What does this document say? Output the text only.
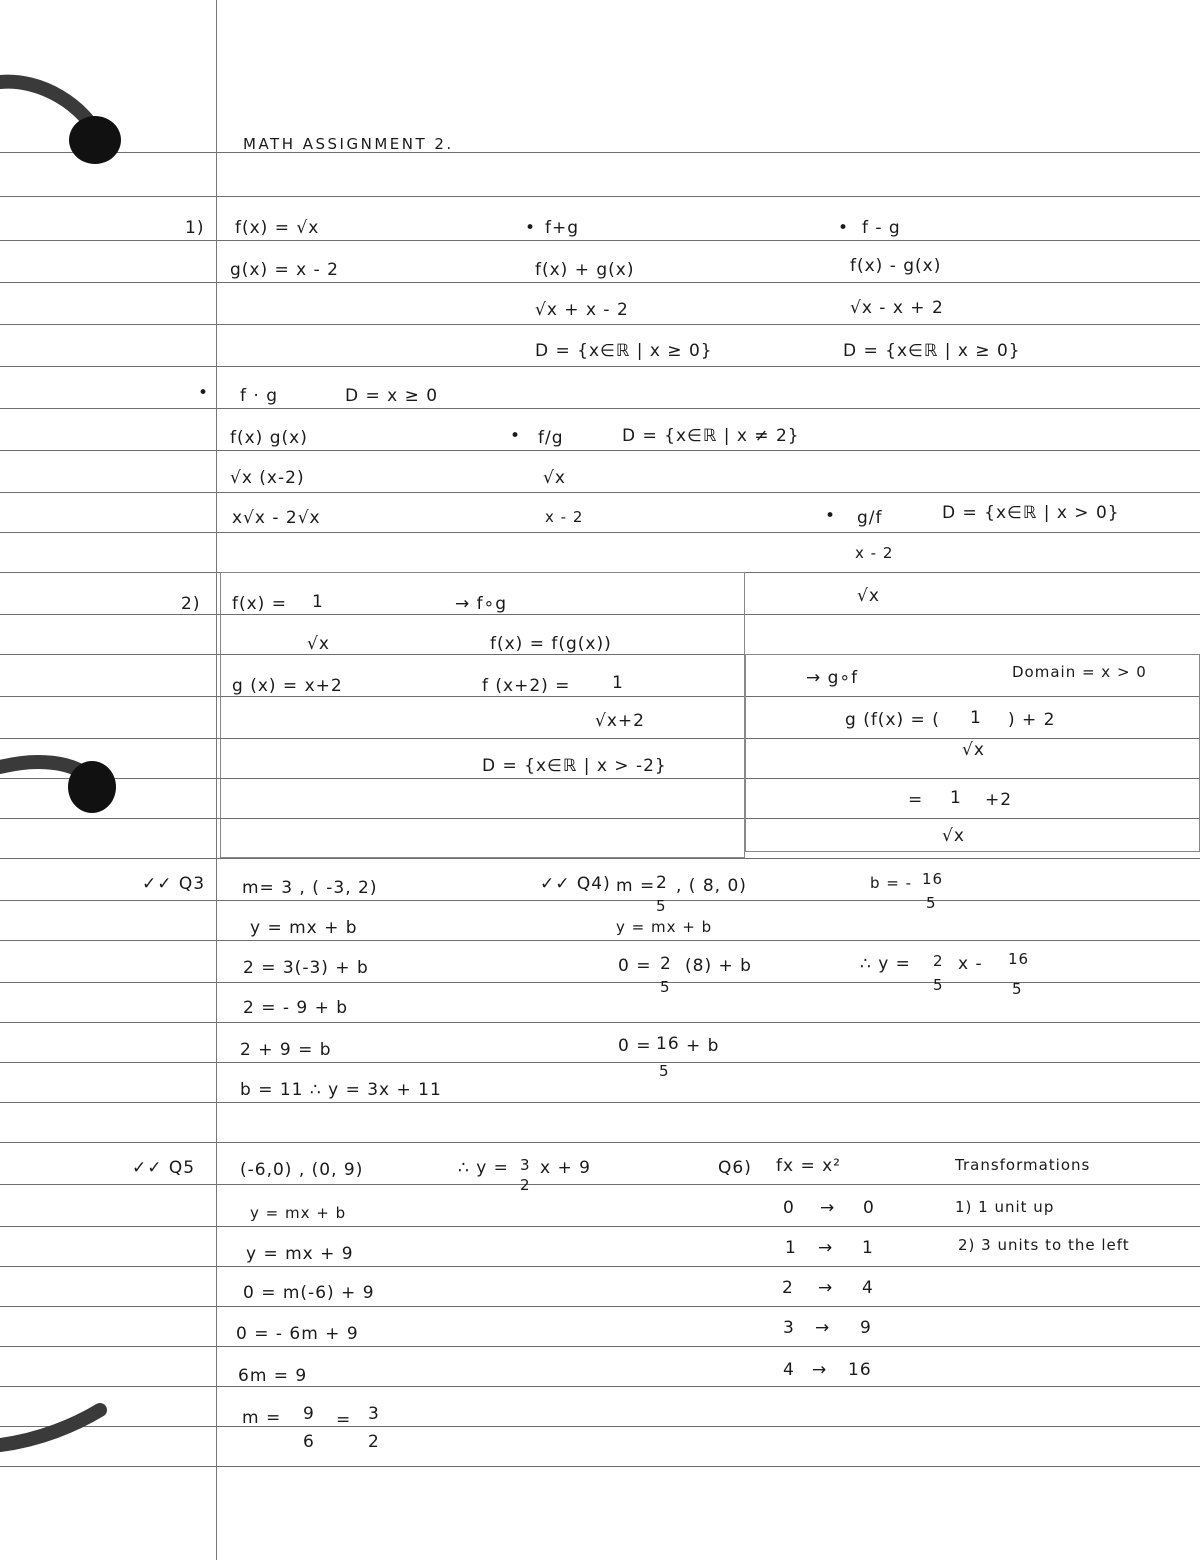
MATH ASSIGNMENT 2.
1) f(x) = √x
g(x) = x - 2
• f+g
f(x) + g(x)
√x + x - 2
D = {x∈ℝ | x ≥ 0}
• f - g
f(x) - g(x)
√x - x + 2
D = {x∈ℝ | x ≥ 0}
• f · g	D = x ≥ 0
f(x) g(x)
√x (x-2)
x√x - 2√x
• f/g	D = {x∈ℝ | x ≠ 2}
√x
x - 2	• g/f	D = {x∈ℝ | x > 0}
x - 2
√x
2) f(x) = 1
√x
g (x) = x+2
→ f∘g
f(x) = f(g(x))
f (x+2) = 1
√x+2
D = {x∈ℝ | x > -2}
→ g∘f	Domain = x > 0
g (f(x) = ( 1
√x
) + 2
= 1 +2
√x
✓✓ Q3 m= 3 , ( -3, 2)
y = mx + b
2 = 3(-3) + b
2 = - 9 + b
2 + 9 = b
b = 11 ∴ y = 3x + 11
✓✓ Q4) m = 2
5
, ( 8, 0)
y = mx + b
0 = 2
5
(8) + b
0 = 16
5
+ b
b = - 16
5
∴ y = 2
5
x - 16
5
✓✓ Q5	(-6,0) , (0, 9)
y = mx + b
y = mx + 9
0 = m(-6) + 9
0 = - 6m + 9
6m = 9
m = 9
6
= 3
2
∴ y = 3
2
x + 9	Q6) fx = x²
0 → 0
1 → 1
2 → 4
3 → 9
4 → 16
Transformations
1) 1 unit up
2) 3 units to the left
